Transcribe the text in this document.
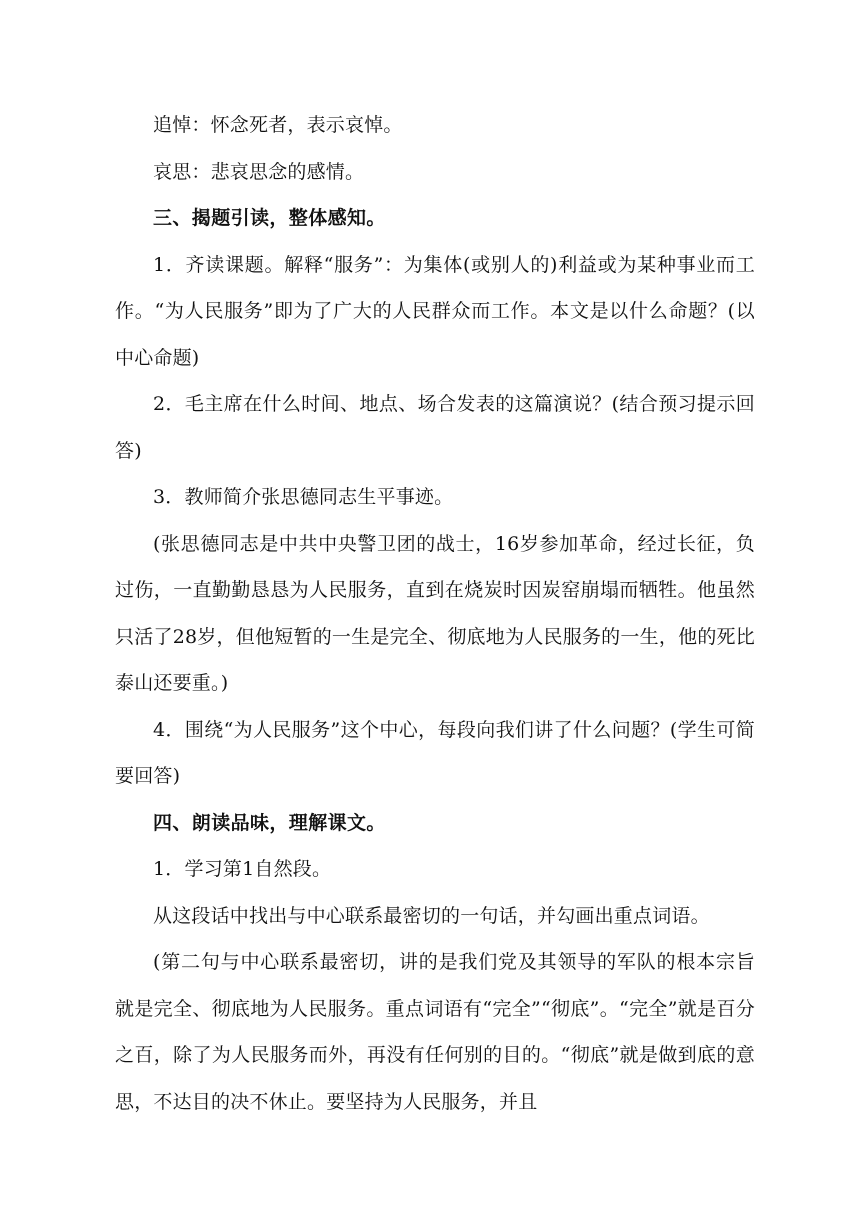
追悼：怀念死者，表示哀悼。

哀思：悲哀思念的感情。

三、揭题引读，整体感知。

1．齐读课题。解释“服务”：为集体(或别人的)利益或为某种事业而工作。“为人民服务”即为了广大的人民群众而工作。本文是以什么命题？(以中心命题)

2．毛主席在什么时间、地点、场合发表的这篇演说？(结合预习提示回答)

3．教师简介张思德同志生平事迹。

(张思德同志是中共中央警卫团的战士，16岁参加革命，经过长征，负过伤，一直勤勤恳恳为人民服务，直到在烧炭时因炭窑崩塌而牺牲。他虽然只活了28岁，但他短暂的一生是完全、彻底地为人民服务的一生，他的死比泰山还要重。)

4．围绕“为人民服务”这个中心，每段向我们讲了什么问题？(学生可简要回答)

四、朗读品味，理解课文。

1．学习第1自然段。

从这段话中找出与中心联系最密切的一句话，并勾画出重点词语。

(第二句与中心联系最密切，讲的是我们党及其领导的军队的根本宗旨就是完全、彻底地为人民服务。重点词语有“完全”“彻底”。“完全”就是百分之百，除了为人民服务而外，再没有任何别的目的。“彻底”就是做到底的意思，不达目的决不休止。要坚持为人民服务，并且
